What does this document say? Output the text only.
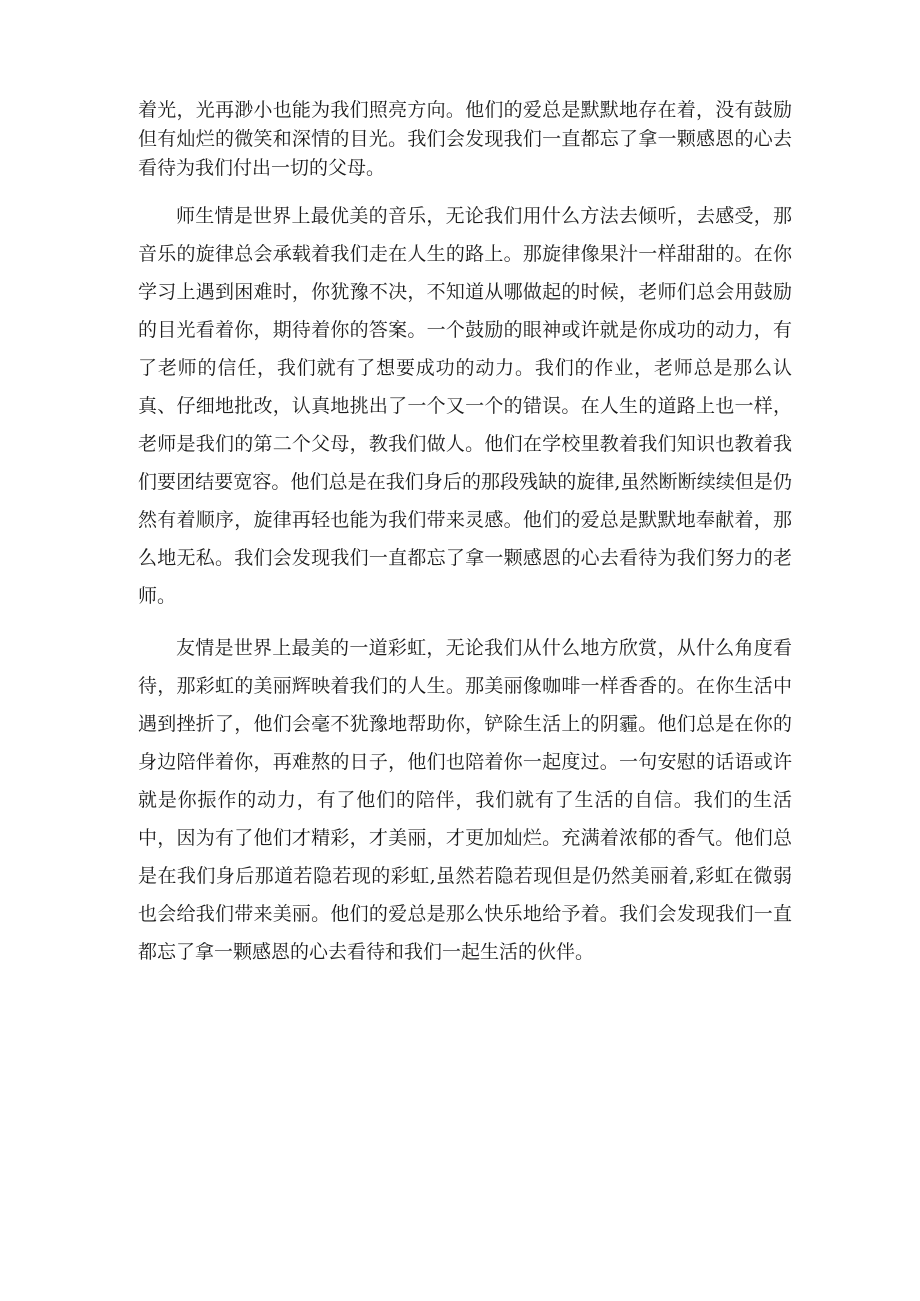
着光，光再渺小也能为我们照亮方向。他们的爱总是默默地存在着，没有鼓励但有灿烂的微笑和深情的目光。我们会发现我们一直都忘了拿一颗感恩的心去看待为我们付出一切的父母。

师生情是世界上最优美的音乐，无论我们用什么方法去倾听，去感受，那音乐的旋律总会承载着我们走在人生的路上。那旋律像果汁一样甜甜的。在你学习上遇到困难时，你犹豫不决，不知道从哪做起的时候，老师们总会用鼓励的目光看着你，期待着你的答案。一个鼓励的眼神或许就是你成功的动力，有了老师的信任，我们就有了想要成功的动力。我们的作业，老师总是那么认真、仔细地批改，认真地挑出了一个又一个的错误。在人生的道路上也一样，老师是我们的第二个父母，教我们做人。他们在学校里教着我们知识也教着我们要团结要宽容。他们总是在我们身后的那段残缺的旋律,虽然断断续续但是仍然有着顺序，旋律再轻也能为我们带来灵感。他们的爱总是默默地奉献着，那么地无私。我们会发现我们一直都忘了拿一颗感恩的心去看待为我们努力的老师。

友情是世界上最美的一道彩虹，无论我们从什么地方欣赏，从什么角度看待，那彩虹的美丽辉映着我们的人生。那美丽像咖啡一样香香的。在你生活中遇到挫折了，他们会毫不犹豫地帮助你，铲除生活上的阴霾。他们总是在你的身边陪伴着你，再难熬的日子，他们也陪着你一起度过。一句安慰的话语或许就是你振作的动力，有了他们的陪伴，我们就有了生活的自信。我们的生活中，因为有了他们才精彩，才美丽，才更加灿烂。充满着浓郁的香气。他们总是在我们身后那道若隐若现的彩虹,虽然若隐若现但是仍然美丽着,彩虹在微弱也会给我们带来美丽。他们的爱总是那么快乐地给予着。我们会发现我们一直都忘了拿一颗感恩的心去看待和我们一起生活的伙伴。
